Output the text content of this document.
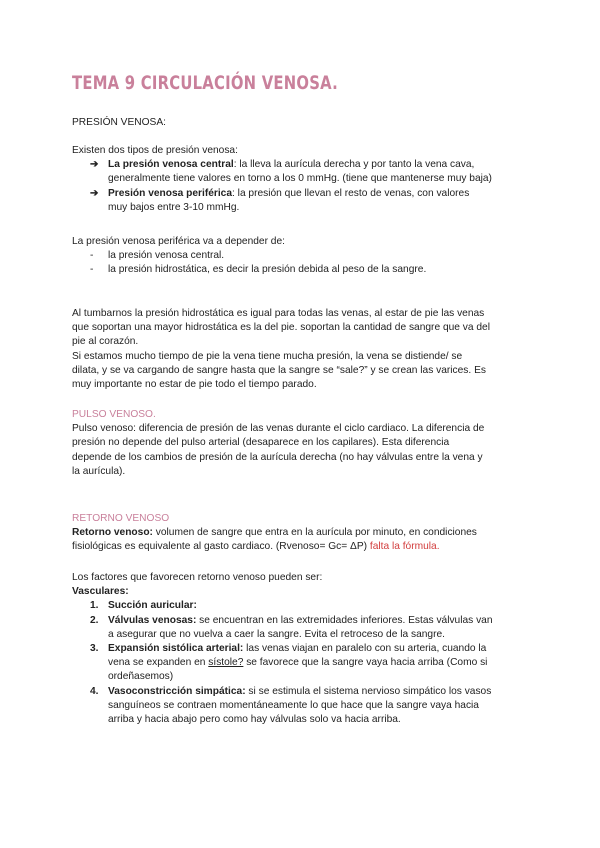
TEMA 9 CIRCULACIÓN VENOSA.
PRESIÓN VENOSA:
Existen dos tipos de presión venosa:
➔ La presión venosa central: la lleva la aurícula derecha y por tanto la vena cava,
generalmente tiene valores en torno a los 0 mmHg. (tiene que mantenerse muy baja)
➔ Presión venosa periférica: la presión que llevan el resto de venas, con valores
muy bajos entre 3-10 mmHg.
La presión venosa periférica va a depender de:
- la presión venosa central.
- la presión hidrostática, es decir la presión debida al peso de la sangre.
Al tumbarnos la presión hidrostática es igual para todas las venas, al estar de pie las venas
que soportan una mayor hidrostática es la del pie. soportan la cantidad de sangre que va del
pie al corazón.
Si estamos mucho tiempo de pie la vena tiene mucha presión, la vena se distiende/ se
dilata, y se va cargando de sangre hasta que la sangre se “sale?” y se crean las varices. Es
muy importante no estar de pie todo el tiempo parado.
PULSO VENOSO.
Pulso venoso: diferencia de presión de las venas durante el ciclo cardiaco. La diferencia de
presión no depende del pulso arterial (desaparece en los capilares). Esta diferencia
depende de los cambios de presión de la aurícula derecha (no hay válvulas entre la vena y
la aurícula).
RETORNO VENOSO
Retorno venoso: volumen de sangre que entra en la aurícula por minuto, en condiciones
fisiológicas es equivalente al gasto cardiaco. (Rvenoso= Gc= ΔP) falta la fórmula.
Los factores que favorecen retorno venoso pueden ser:
Vasculares:
1. Succión auricular:
2. Válvulas venosas: se encuentran en las extremidades inferiores. Estas válvulas van
a asegurar que no vuelva a caer la sangre. Evita el retroceso de la sangre.
3. Expansión sistólica arterial: las venas viajan en paralelo con su arteria, cuando la
vena se expanden en sístole? se favorece que la sangre vaya hacia arriba (Como si
ordeñasemos)
4. Vasoconstricción simpática: si se estimula el sistema nervioso simpático los vasos
sanguíneos se contraen momentáneamente lo que hace que la sangre vaya hacia
arriba y hacia abajo pero como hay válvulas solo va hacia arriba.
